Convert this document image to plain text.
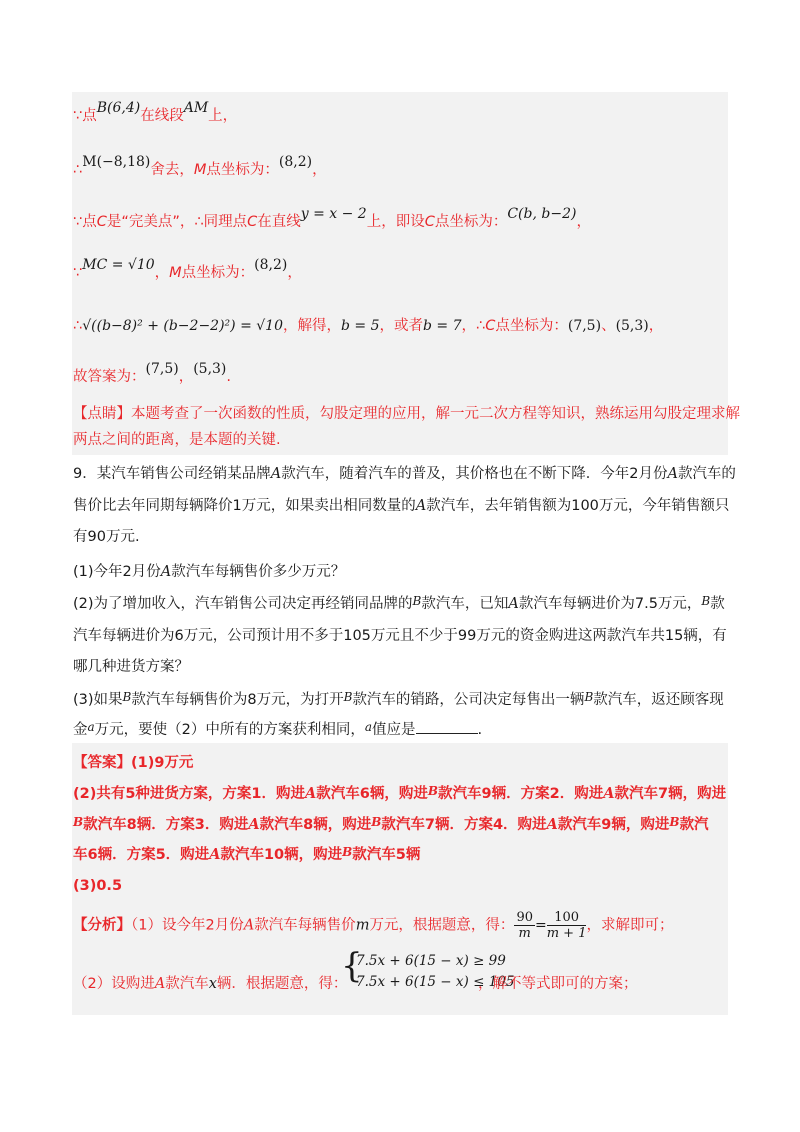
∵点B(6,4)在线段AM上，
∴M(−8,18)舍去，M点坐标为：(8,2)，
∵点C是“完美点”，∴同理点C在直线y = x − 2上，即设C点坐标为：C(b, b−2)，
∵MC = √10，M点坐标为：(8,2)，
∴√((b−8)² + (b−2−2)²) = √10，解得，b = 5，或者b = 7，∴C点坐标为：(7,5)、(5,3)，
故答案为：(7,5)，(5,3).
【点睛】本题考查了一次函数的性质，勾股定理的应用，解一元二次方程等知识，熟练运用勾股定理求解
两点之间的距离，是本题的关键.
9．某汽车销售公司经销某品牌A款汽车，随着汽车的普及，其价格也在不断下降．今年2月份A款汽车的
售价比去年同期每辆降价1万元，如果卖出相同数量的A款汽车，去年销售额为100万元，今年销售额只
有90万元.
(1)今年2月份A款汽车每辆售价多少万元？
(2)为了增加收入，汽车销售公司决定再经销同品牌的$^B$款汽车，已知A款汽车每辆进价为7.5万元，$^B$款
汽车每辆进价为6万元，公司预计用不多于105万元且不少于99万元的资金购进这两款汽车共15辆，有
哪几种进货方案？
(3)如果$^B$款汽车每辆售价为8万元，为打开$^B$款汽车的销路，公司决定每售出一辆$^B$款汽车，返还顾客现
金$^a$万元，要使（2）中所有的方案获利相同，$^a$值应是	.
【答案】(1)9万元
(2)共有5种进货方案，方案1．购进A款汽车6辆，购进$^B$款汽车9辆．方案2．购进A款汽车7辆，购进
$^B$款汽车8辆．方案3．购进A款汽车8辆，购进$^B$款汽车7辆．方案4．购进A款汽车9辆，购进$^B$款汽
车6辆．方案5．购进A款汽车10辆，购进$^B$款汽车5辆
(3)0.5
【分析】（1）设今年2月份A款汽车每辆售价m万元，根据题意，得： $\frac{90}{m} = \frac{100}{m + 1}$ ，求解即可；
（2）设购进A款汽车x辆．根据题意，得：
{
7.5x + 6(15 − x) ≥ 99
7.5x + 6(15 − x) ≤ 105
，解不等式即可的方案；
